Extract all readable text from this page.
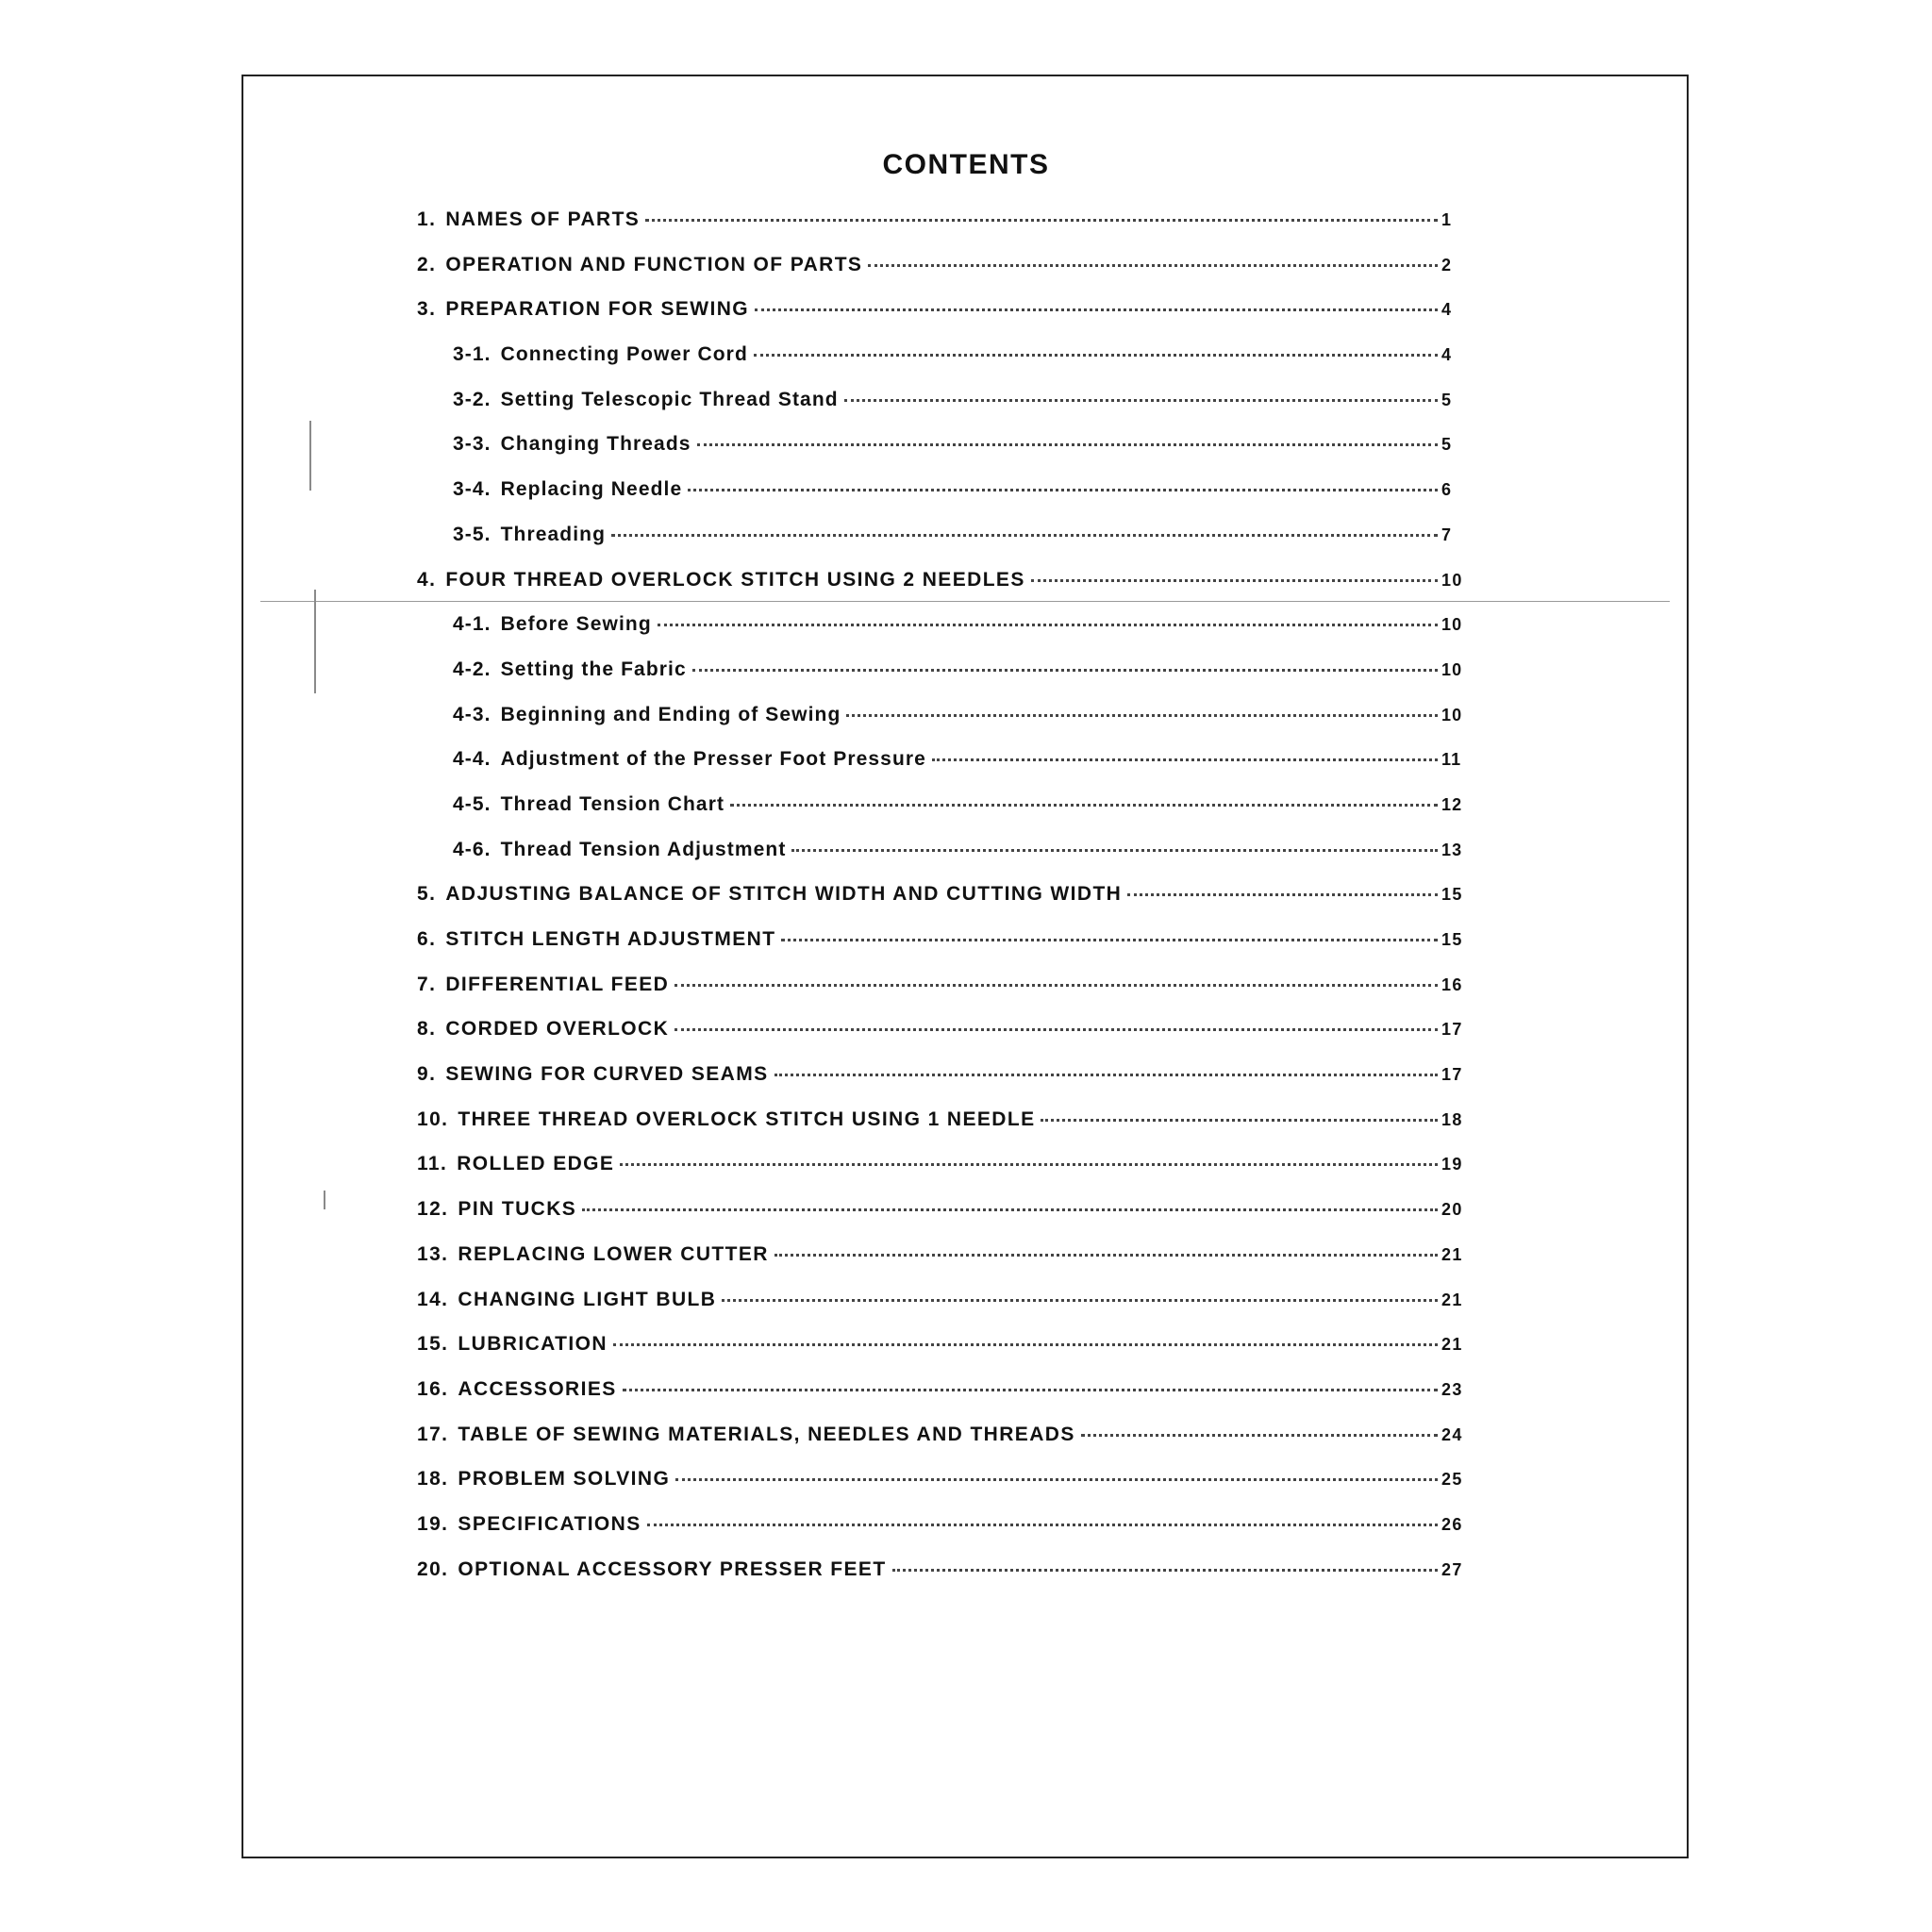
CONTENTS
1. NAMES OF PARTS	1
2. OPERATION AND FUNCTION OF PARTS	2
3. PREPARATION FOR SEWING	4
3-1. Connecting Power Cord	4
3-2. Setting Telescopic Thread Stand	5
3-3. Changing Threads	5
3-4. Replacing Needle	6
3-5. Threading	7
4. FOUR THREAD OVERLOCK STITCH USING 2 NEEDLES	10
4-1. Before Sewing	10
4-2. Setting the Fabric	10
4-3. Beginning and Ending of Sewing	10
4-4. Adjustment of the Presser Foot Pressure	11
4-5. Thread Tension Chart	12
4-6. Thread Tension Adjustment	13
5. ADJUSTING BALANCE OF STITCH WIDTH AND CUTTING WIDTH	15
6. STITCH LENGTH ADJUSTMENT	15
7. DIFFERENTIAL FEED	16
8. CORDED OVERLOCK	17
9. SEWING FOR CURVED SEAMS	17
10. THREE THREAD OVERLOCK STITCH USING 1 NEEDLE	18
11. ROLLED EDGE	19
12. PIN TUCKS	20
13. REPLACING LOWER CUTTER	21
14. CHANGING LIGHT BULB	21
15. LUBRICATION	21
16. ACCESSORIES	23
17. TABLE OF SEWING MATERIALS, NEEDLES AND THREADS	24
18. PROBLEM SOLVING	25
19. SPECIFICATIONS	26
20. OPTIONAL ACCESSORY PRESSER FEET	27
